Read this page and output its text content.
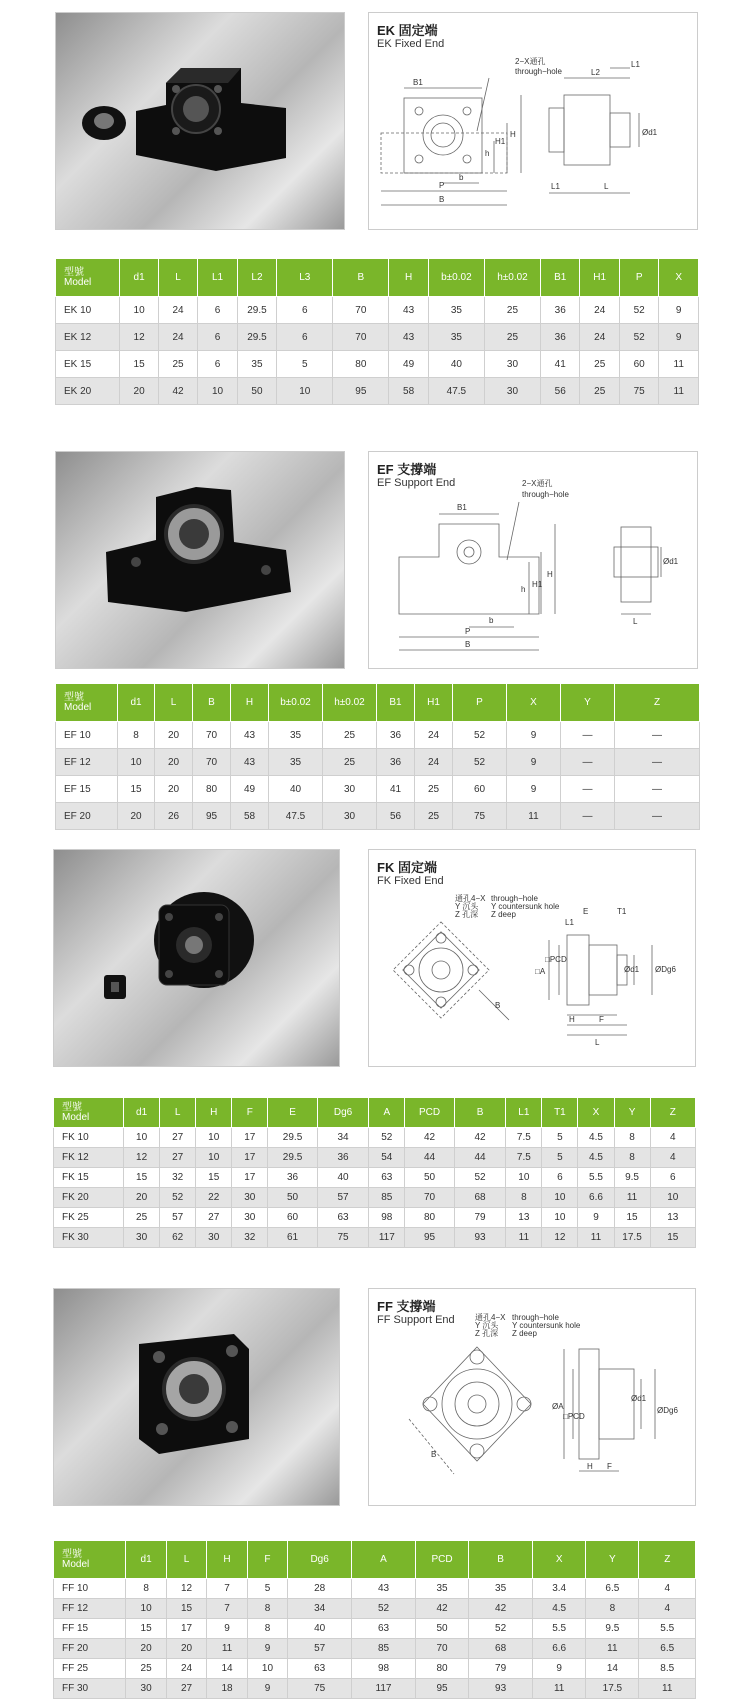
EK 固定端
EK Fixed End
2−X通孔
through−hole
B1
h
H1
H
b
P
B
L2
L1
Ød1
L1	L
型號
Model	d1	L	L1	L2	L3	B	H	b±0.02	h±0.02	B1	H1	P	X
EK 10	10	24	6	29.5	6	70	43	35	25	36	24	52	9
EK 12	12	24	6	29.5	6	70	43	35	25	36	24	52	9
EK 15	15	25	6	35	5	80	49	40	30	41	25	60	11
EK 20	20	42	10	50	10	95	58	47.5	30	56	25	75	11
EF 支撐端
EF Support End	2−X通孔
through−hole
B1
h
H1
H
b
P
B
Ød1
L
型號
Model	d1	L	B	H	b±0.02	h±0.02	B1	H1	P	X	Y	Z
EF 10	8	20	70	43	35	25	36	24	52	9	—	—
EF 12	10	20	70	43	35	25	36	24	52	9	—	—
EF 15	15	20	80	49	40	30	41	25	60	9	—	—
EF 20	20	26	95	58	47.5	30	56	25	75	11	—	—
FK 固定端
FK Fixed End
通孔4−X
Y 沉头
Z 孔深
through−hole
Y countersunk hole
Z deep	E	T1
L1
□A
□PCD
Ød1 ØDg6
B
H	F
L
型號
Model	d1	L	H	F	E	Dg6	A	PCD	B	L1	T1	X	Y	Z
FK 10	10	27	10	17	29.5	34	52	42	42	7.5	5	4.5	8	4
FK 12	12	27	10	17	29.5	36	54	44	44	7.5	5	4.5	8	4
FK 15	15	32	15	17	36	40	63	50	52	10	6	5.5	9.5	6
FK 20	20	52	22	30	50	57	85	70	68	8	10	6.6	11	10
FK 25	25	57	27	30	60	63	98	80	79	13	10	9	15	13
FK 30	30	62	30	32	61	75	117	95	93	11	12	11	17.5	15
FF 支撐端
FF Support End	通孔4−X
Y 沉头
Z 孔深
through−hole
Y countersunk hole
Z deep
ØA
□PCD
Ød1
ØDg6
B
H F
型號
Model	d1	L	H	F	Dg6	A	PCD	B	X	Y	Z
FF 10	8	12	7	5	28	43	35	35	3.4	6.5	4
FF 12	10	15	7	8	34	52	42	42	4.5	8	4
FF 15	15	17	9	8	40	63	50	52	5.5	9.5	5.5
FF 20	20	20	11	9	57	85	70	68	6.6	11	6.5
FF 25	25	24	14	10	63	98	80	79	9	14	8.5
FF 30	30	27	18	9	75	117	95	93	11	17.5	11
